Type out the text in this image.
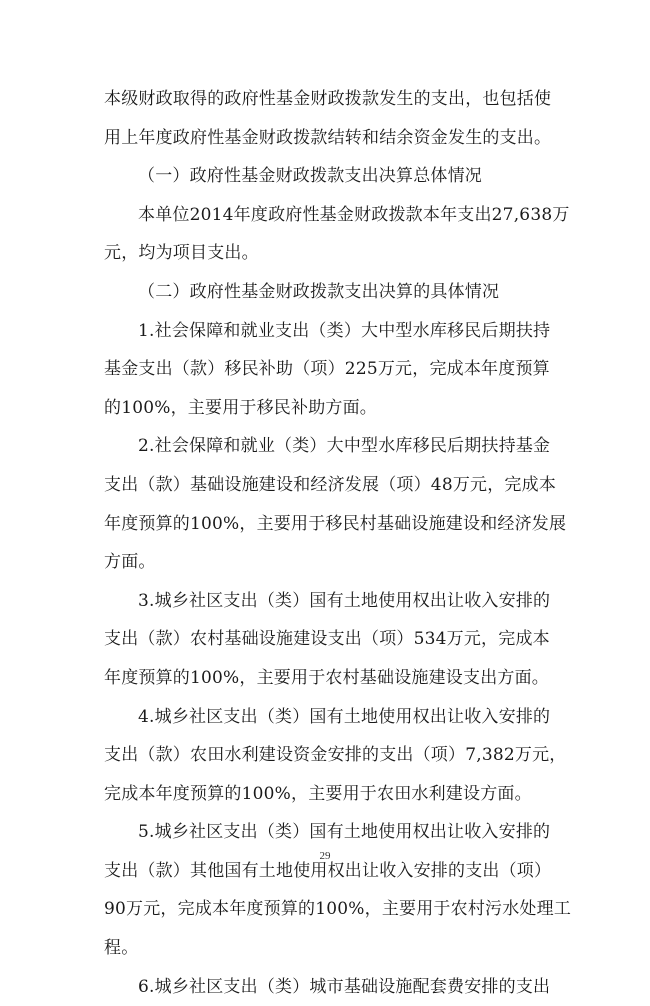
本级财政取得的政府性基金财政拨款发生的支出，也包括使
用上年度政府性基金财政拨款结转和结余资金发生的支出。
（一）政府性基金财政拨款支出决算总体情况
本单位2014年度政府性基金财政拨款本年支出27,638万
元，均为项目支出。
（二）政府性基金财政拨款支出决算的具体情况
1.社会保障和就业支出（类）大中型水库移民后期扶持
基金支出（款）移民补助（项）225万元，完成本年度预算
的100%，主要用于移民补助方面。
2.社会保障和就业（类）大中型水库移民后期扶持基金
支出（款）基础设施建设和经济发展（项）48万元，完成本
年度预算的100%，主要用于移民村基础设施建设和经济发展
方面。
3.城乡社区支出（类）国有土地使用权出让收入安排的
支出（款）农村基础设施建设支出（项）534万元，完成本
年度预算的100%，主要用于农村基础设施建设支出方面。
4.城乡社区支出（类）国有土地使用权出让收入安排的
支出（款）农田水利建设资金安排的支出（项）7,382万元，
完成本年度预算的100%，主要用于农田水利建设方面。
5.城乡社区支出（类）国有土地使用权出让收入安排的
支出（款）其他国有土地使用权出让收入安排的支出（项）
90万元，完成本年度预算的100%，主要用于农村污水处理工
程。
6.城乡社区支出（类）城市基础设施配套费安排的支出
29
